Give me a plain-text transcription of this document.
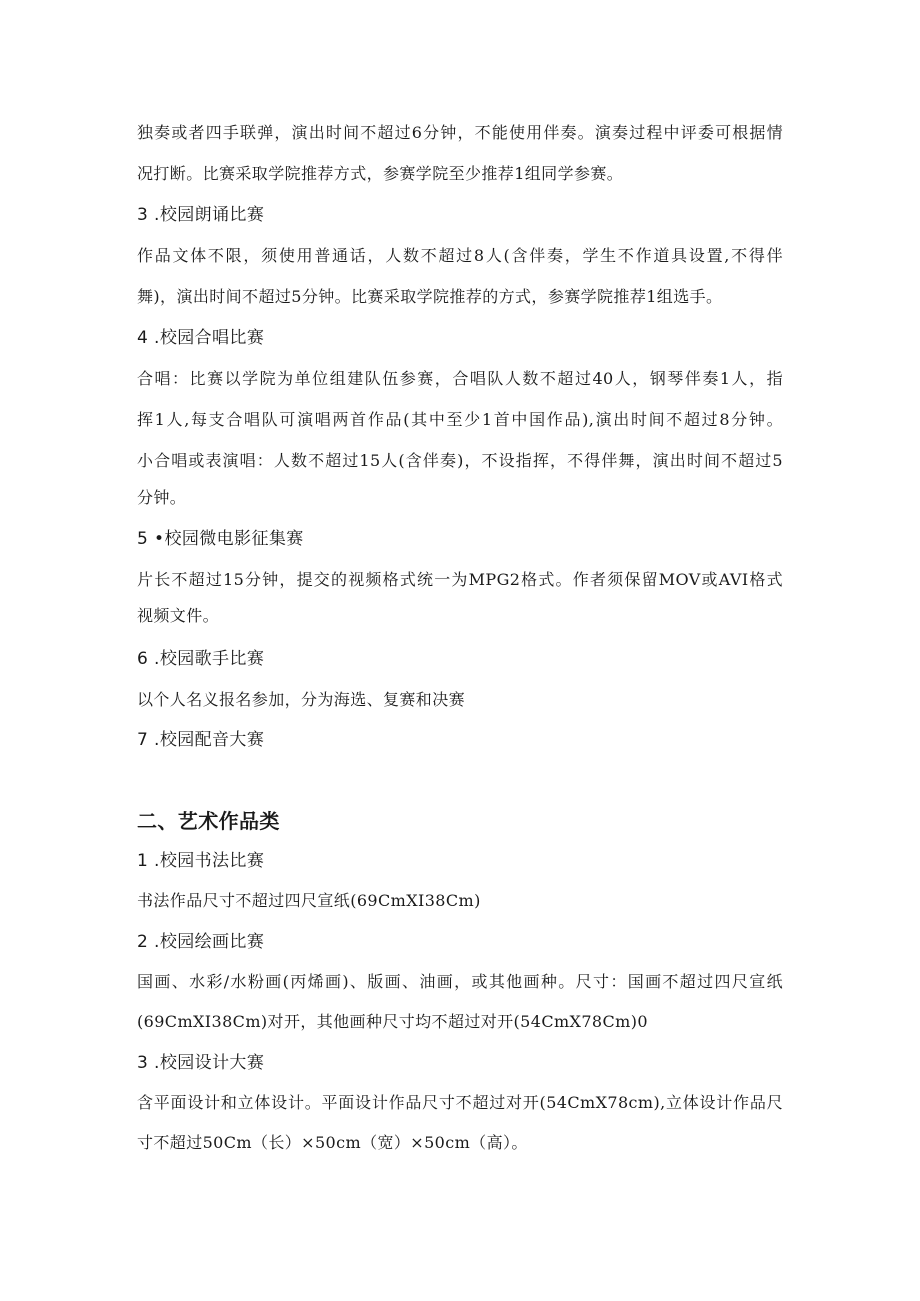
独奏或者四手联弹，演出时间不超过6分钟，不能使用伴奏。演奏过程中评委可根据情
况打断。比赛采取学院推荐方式，参赛学院至少推荐1组同学参赛。
3 .校园朗诵比赛
作品文体不限，须使用普通话，人数不超过8人(含伴奏，学生不作道具设置,不得伴
舞)，演出时间不超过5分钟。比赛采取学院推荐的方式，参赛学院推荐1组选手。
4 .校园合唱比赛
合唱：比赛以学院为单位组建队伍参赛，合唱队人数不超过40人，钢琴伴奏1人，指
挥1人,每支合唱队可演唱两首作品(其中至少1首中国作品),演出时间不超过8分钟。
小合唱或表演唱：人数不超过15人(含伴奏)，不设指挥，不得伴舞，演出时间不超过5
分钟。
5 •校园微电影征集赛
片长不超过15分钟，提交的视频格式统一为MPG2格式。作者须保留MOV或AVI格式
视频文件。
6 .校园歌手比赛
以个人名义报名参加，分为海选、复赛和决赛
7 .校园配音大赛
二、艺术作品类
1 .校园书法比赛
书法作品尺寸不超过四尺宣纸(69CmXI38Cm)
2 .校园绘画比赛
国画、水彩/水粉画(丙烯画)、版画、油画，或其他画种。尺寸：国画不超过四尺宣纸
(69CmXI38Cm)对开，其他画种尺寸均不超过对开(54CmX78Cm)0
3 .校园设计大赛
含平面设计和立体设计。平面设计作品尺寸不超过对开(54CmX78cm),立体设计作品尺
寸不超过50Cm（长）×50cm（宽）×50cm（高）。
